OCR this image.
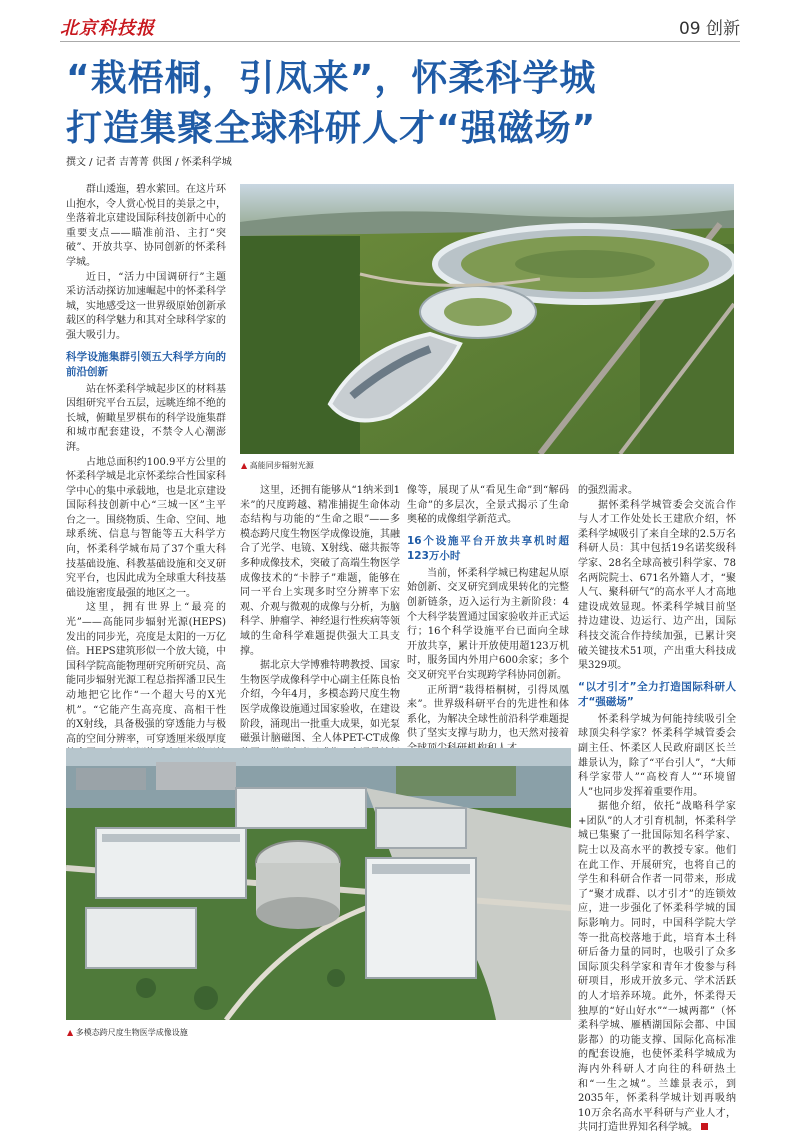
北京科技报	09 创新
“栽梧桐，引凤来”，怀柔科学城
打造集聚全球科研人才“强磁场”
撰文 / 记者 吉菁菁 供图 / 怀柔科学城
▲ 高能同步辐射光源

群山逶迤，碧水萦回。在这片环山抱水，令人赏心悦目的美景之中，坐落着北京建设国际科技创新中心的重要支点——瞄准前沿、主打“突破”、开放共享、协同创新的怀柔科学城。

近日，“活力中国调研行”主题采访活动探访加速崛起中的怀柔科学城，实地感受这一世界级原始创新承载区的科学魅力和其对全球科学家的强大吸引力。

科学设施集群引领五大科学方向的前沿创新

站在怀柔科学城起步区的材料基因组研究平台五层，远眺连绵不绝的长城，俯瞰星罗棋布的科学设施集群和城市配套建设，不禁令人心潮澎湃。

占地总面积约100.9平方公里的怀柔科学城是北京怀柔综合性国家科学中心的集中承载地，也是北京建设国际科技创新中心“三城一区”主平台之一。围绕物质、生命、空间、地球系统、信息与智能等五大科学方向，怀柔科学城布局了37个重大科技基础设施、科教基础设施和交叉研究平台，也因此成为全球重大科技基础设施密度最强的地区之一。

这里，拥有世界上“最亮的光”——高能同步辐射光源(HEPS)发出的同步光，亮度是太阳的一万亿倍。HEPS建筑形似一个放大镜，中国科学院高能物理研究所研究员、高能同步辐射光源工程总指挥潘卫民生动地把它比作“一个超大号的X光机”。“它能产生高亮度、高相干性的X射线，具备极强的穿透能力与极高的空间分辨率，可穿透厘米级厚度

这里，还拥有能够从“1纳米到1米”的尺度跨越、精准捕捉生命体动态结构与功能的“生命之眼”——多模态跨尺度生物医学成像设施，其融合了光学、电镜、X射线、磁共振等多种成像技术，突破了高端生物医学成像技术的“卡脖子”难题，能够在同一平台上实现多时空分辨率下宏观、介观与微观的成像与分析，为脑科学、肿瘤学、神经退行性疾病等领域的生命科学难题提供强大工具支撑。

据北京大学博雅特聘教授、国家生物医学成像科学中心副主任陈良怡介绍，今年4月，多模态跨尺度生物医学成像设施通过国家验收，在建设阶段，涌现出一批重大成果，如光泵磁强计脑磁图、全人体PET-CT成像

像等，展现了从“看见生命”到“解码生命”的多层次，全景式揭示了生命奥秘的成像组学新范式。

16个设施平台开放共享机时超123万小时

当前，怀柔科学城已构建起从原始创新、交叉研究到成果转化的完整创新链条，迈入运行为主新阶段：4个大科学装置通过国家验收并正式运行；16个科学设施平台已面向全球开放共享，累计开放使用超123万机时，服务国内外用户600余家；多个交叉研究平台实现跨学科协同创新。

正所谓“栽得梧桐树，引得凤凰来”。世界级科研平台的先进性和体系化，为解决全球性前沿科学难题提供了坚实支撑与助力，也天然对接着

的强烈需求。

据怀柔科学城管委会交流合作与人才工作处处长王建欣介绍，怀柔科学城吸引了来自全球的2.5万名科研人员：其中包括19名诺奖级科学家、28名全球高被引科学家、78名两院院士、671名外籍人才，“聚人气、聚科研气”的高水平人才高地建设成效显现。怀柔科学城目前坚持边建设、边运行、边产出，国际科技交流合作持续加强，已累计突破关键技术51项，产出重大科技成果329项。

“以才引才”全力打造国际科研人才“强磁场”

怀柔科学城为何能持续吸引全球顶尖科学家？怀柔科学城管委会副主任、怀柔区人民政府副区长兰雄景认为，除了“平台引人”，“大师科学家带人”“高校育人”“环境留人”也同步发挥着重要作用。

据他介绍，依托“战略科学家+团队”的人才引育机制，怀柔科学城已集聚了一批国际知名科学家、院士以及高水平的教授专家。他们在此工作、开展研究，也将自己的学生和科研合作者一同带来，形成了“聚才成群、以才引才”的连锁效应，进一步强化了怀柔科学城的国际影响力。同时，中国科学院大学等一批高校落地于此，培育本土科研后备力量的同时，也吸引了众多国际顶尖科学家和青年才俊参与科研项目，形成开放多元、学术活跃的人才培养环境。此外，怀柔得天独厚的“好山好水”“一城两都”（怀柔科学城、雁栖湖国际会都、中国影都）的功能支撑、国际化高标准的配套设施，也使怀柔科学城成为海内外科研人才向往的科研热土和“一生之城”。兰雄景表示，到2035年，怀柔科学城计划再吸纳10万余名高水平科研与产业人才，共同打造世界知名科学城。

▲ 多模态跨尺度生物医学成像设施
